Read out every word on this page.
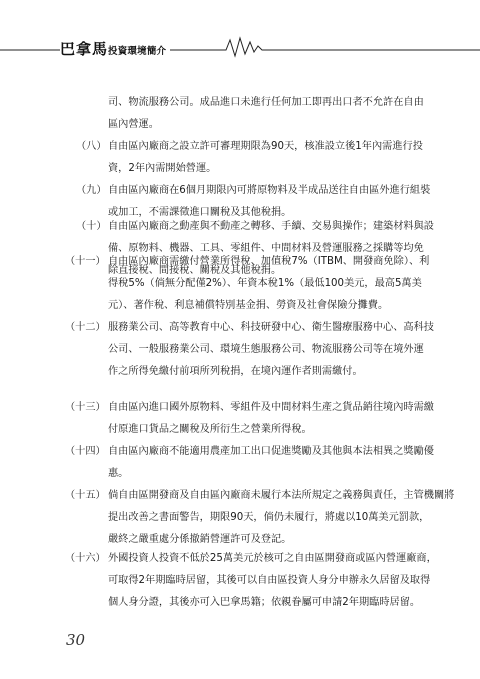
巴拿馬投資環境簡介
司、物流服務公司。成品進口未進行任何加工即再出口者不允許在自由
區內營運。
（八） 自由區內廠商之設立許可審理期限為90天，核准設立後1年內需進行投
資，2年內需開始營運。
（九） 自由區內廠商在6個月期限內可將原物料及半成品送往自由區外進行組裝
或加工，不需課徵進口關稅及其他稅捐。
（十） 自由區內廠商之動產與不動產之轉移、手續、交易與操作；建築材料與設
備、原物料、機器、工具、零組件、中間材料及營運服務之採購等均免
除直接稅、間接稅、關稅及其他稅捐。
（十一） 自由區內廠商需繳付營業所得稅、加值稅7%（ITBM、開發商免除）、利
得稅5%（倘無分配僅2%）、年資本稅1%（最低100美元，最高5萬美
元）、著作稅、利息補償特別基金捐、勞資及社會保險分攤費。
（十二） 服務業公司、高等教育中心、科技研發中心、衛生醫療服務中心、高科技
公司、一般服務業公司、環境生態服務公司、物流服務公司等在境外運
作之所得免繳付前項所列稅捐，在境內運作者則需繳付。
（十三） 自由區內進口國外原物料、零組件及中間材料生產之貨品銷往境內時需繳
付原進口貨品之關稅及所衍生之營業所得稅。
（十四） 自由區內廠商不能適用農產加工出口促進獎勵及其他與本法相異之獎勵優
惠。
（十五） 倘自由區開發商及自由區內廠商未履行本法所規定之義務與責任，主管機關將
提出改善之書面警告，期限90天，倘仍未履行，將處以10萬美元罰款，
嚴終之嚴重處分係撤銷營運許可及登記。
（十六） 外國投資人投資不低於25萬美元於核可之自由區開發商或區內營運廠商，
可取得2年期臨時居留，其後可以自由區投資人身分申辦永久居留及取得
個人身分證，其後亦可入巴拿馬籍；依親眷屬可申請2年期臨時居留。
30
